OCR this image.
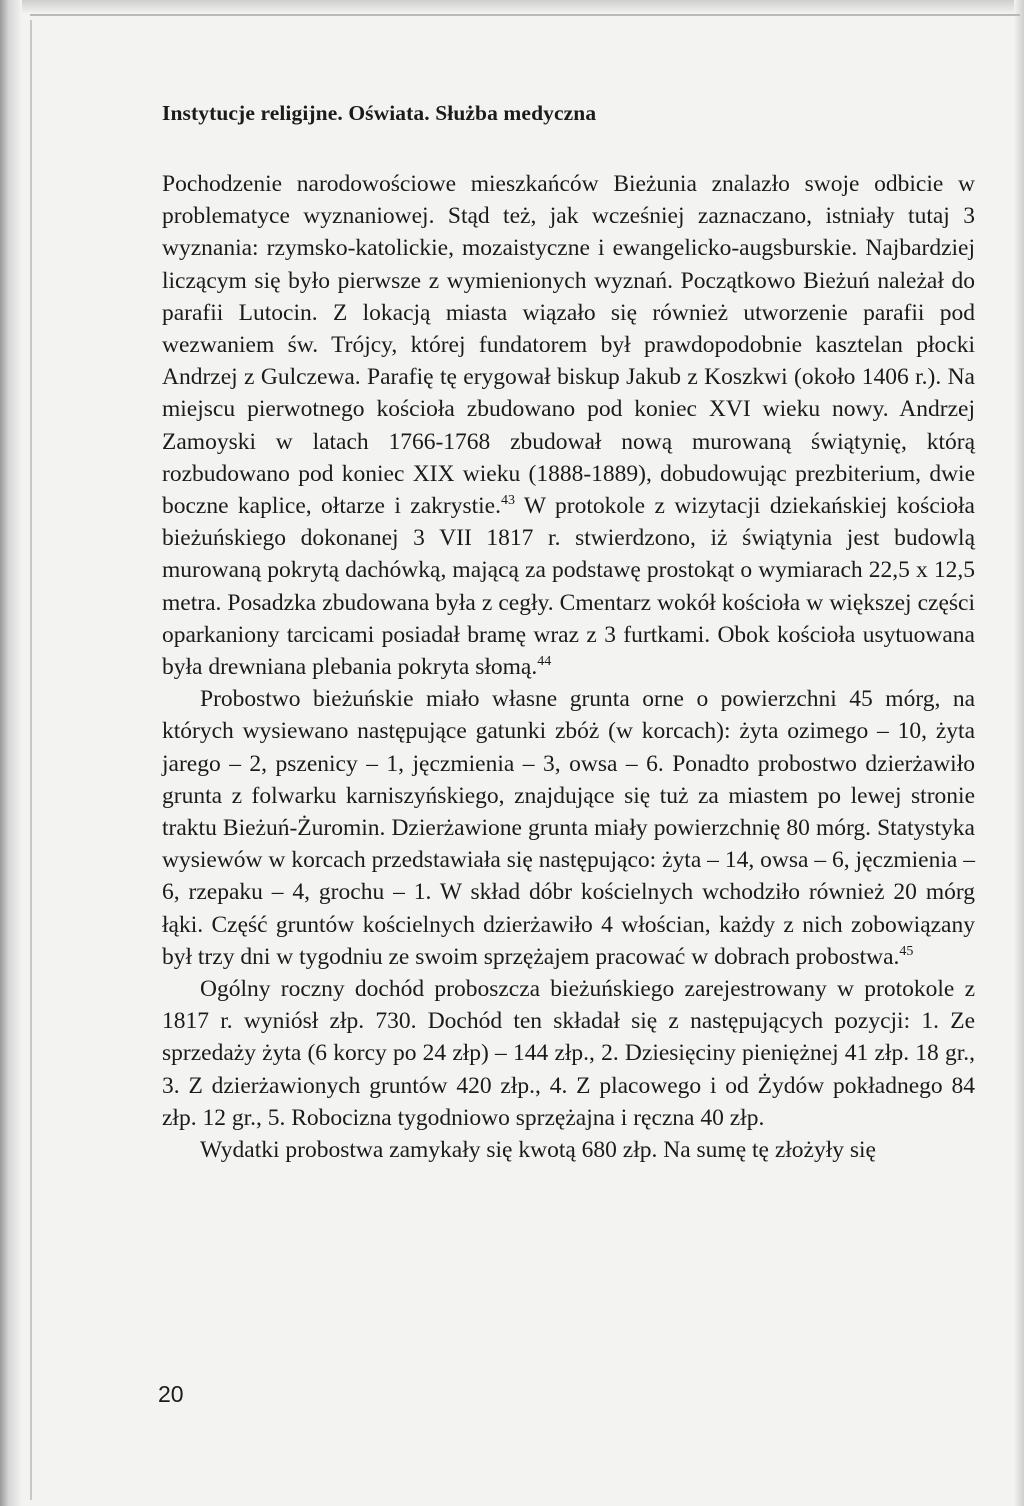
Instytucje religijne. Oświata. Służba medyczna

Pochodzenie narodowościowe mieszkańców Bieżunia znalazło swoje odbicie w problematyce wyznaniowej. Stąd też, jak wcześniej zaznaczano, istniały tutaj 3 wyznania: rzymsko-katolickie, mozaistyczne i ewangelicko-augsburskie. Najbardziej liczącym się było pierwsze z wymienionych wyznań. Początkowo Bieżuń należał do parafii Lutocin. Z lokacją miasta wiązało się również utworzenie parafii pod wezwaniem św. Trójcy, której fundatorem był prawdopodobnie kasztelan płocki Andrzej z Gulczewa. Parafię tę erygował biskup Jakub z Koszkwi (około 1406 r.). Na miejscu pierwotnego kościoła zbudowano pod koniec XVI wieku nowy. Andrzej Zamoyski w latach 1766-1768 zbudował nową murowaną świątynię, którą rozbudowano pod koniec XIX wieku (1888-1889), dobudowując prezbiterium, dwie boczne kaplice, ołtarze i zakrystie.$^{43}$ W protokole z wizytacji dziekańskiej kościoła bieżuńskiego dokonanej 3 VII 1817 r. stwierdzono, iż świątynia jest budowlą murowaną pokrytą dachówką, mającą za podstawę prostokąt o wymiarach 22,5 x 12,5 metra. Posadzka zbudowana była z cegły. Cmentarz wokół kościoła w większej części oparkaniony tarcicami posiadał bramę wraz z 3 furtkami. Obok kościoła usytuowana była drewniana plebania pokryta słomą.$^{44}$

Probostwo bieżuńskie miało własne grunta orne o powierzchni 45 mórg, na których wysiewano następujące gatunki zbóż (w korcach): żyta ozimego – 10, żyta jarego – 2, pszenicy – 1, jęczmienia – 3, owsa – 6. Ponadto probostwo dzierżawiło grunta z folwarku karniszyńskiego, znajdujące się tuż za miastem po lewej stronie traktu Bieżuń-Żuromin. Dzierżawione grunta miały powierzchnię 80 mórg. Statystyka wysiewów w korcach przedstawiała się następująco: żyta – 14, owsa – 6, jęczmienia – 6, rzepaku – 4, grochu – 1. W skład dóbr kościelnych wchodziło również 20 mórg łąki. Część gruntów kościelnych dzierżawiło 4 włościan, każdy z nich zobowiązany był trzy dni w tygodniu ze swoim sprzężajem pracować w dobrach probostwa.$^{45}$

Ogólny roczny dochód proboszcza bieżuńskiego zarejestrowany w protokole z 1817 r. wyniósł złp. 730. Dochód ten składał się z następujących pozycji: 1. Ze sprzedaży żyta (6 korcy po 24 złp) – 144 złp., 2. Dziesięciny pieniężnej 41 złp. 18 gr., 3. Z dzierżawionych gruntów 420 złp., 4. Z placowego i od Żydów pokładnego 84 złp. 12 gr., 5. Robocizna tygodniowo sprzężajna i ręczna 40 złp.

Wydatki probostwa zamykały się kwotą 680 złp. Na sumę tę złożyły się

20
